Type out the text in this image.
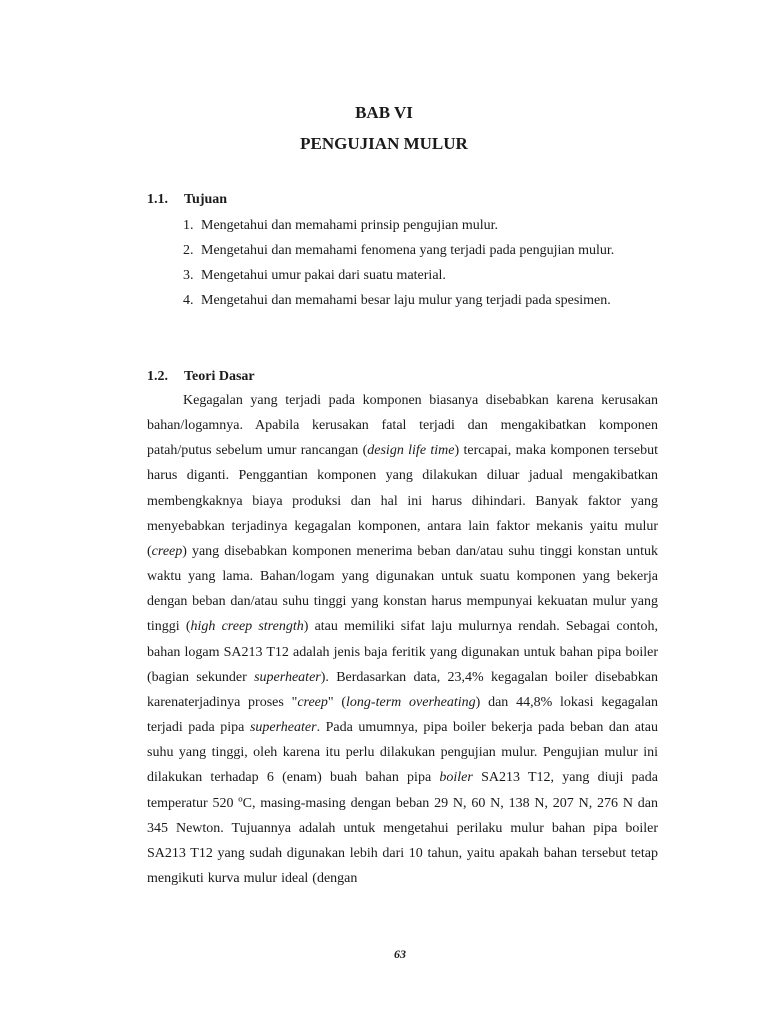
BAB VI
PENGUJIAN MULUR
1.1. Tujuan
1. Mengetahui dan memahami prinsip pengujian mulur.
2. Mengetahui dan memahami fenomena yang terjadi pada pengujian mulur.
3. Mengetahui umur pakai dari suatu material.
4. Mengetahui dan memahami besar laju mulur yang terjadi pada spesimen.
1.2. Teori Dasar

Kegagalan yang terjadi pada komponen biasanya disebabkan karena kerusakan bahan/logamnya. Apabila kerusakan fatal terjadi dan mengakibatkan komponen patah/putus sebelum umur rancangan (design life time) tercapai, maka komponen tersebut harus diganti. Penggantian komponen yang dilakukan diluar jadual mengakibatkan membengkaknya biaya produksi dan hal ini harus dihindari. Banyak faktor yang menyebabkan terjadinya kegagalan komponen, antara lain faktor mekanis yaitu mulur (creep) yang disebabkan komponen menerima beban dan/atau suhu tinggi konstan untuk waktu yang lama. Bahan/logam yang digunakan untuk suatu komponen yang bekerja dengan beban dan/atau suhu tinggi yang konstan harus mempunyai kekuatan mulur yang tinggi (high creep strength) atau memiliki sifat laju mulurnya rendah. Sebagai contoh, bahan logam SA213 T12 adalah jenis baja feritik yang digunakan untuk bahan pipa boiler (bagian sekunder superheater). Berdasarkan data, 23,4% kegagalan boiler disebabkan karenaterjadinya proses "creep" (long-term overheating) dan 44,8% lokasi kegagalan terjadi pada pipa superheater. Pada umumnya, pipa boiler bekerja pada beban dan atau suhu yang tinggi, oleh karena itu perlu dilakukan pengujian mulur. Pengujian mulur ini dilakukan terhadap 6 (enam) buah bahan pipa boiler SA213 T12, yang diuji pada temperatur 520 ºC, masing-masing dengan beban 29 N, 60 N, 138 N, 207 N, 276 N dan 345 Newton. Tujuannya adalah untuk mengetahui perilaku mulur bahan pipa boiler SA213 T12 yang sudah digunakan lebih dari 10 tahun, yaitu apakah bahan tersebut tetap mengikuti kurva mulur ideal (dengan

63
